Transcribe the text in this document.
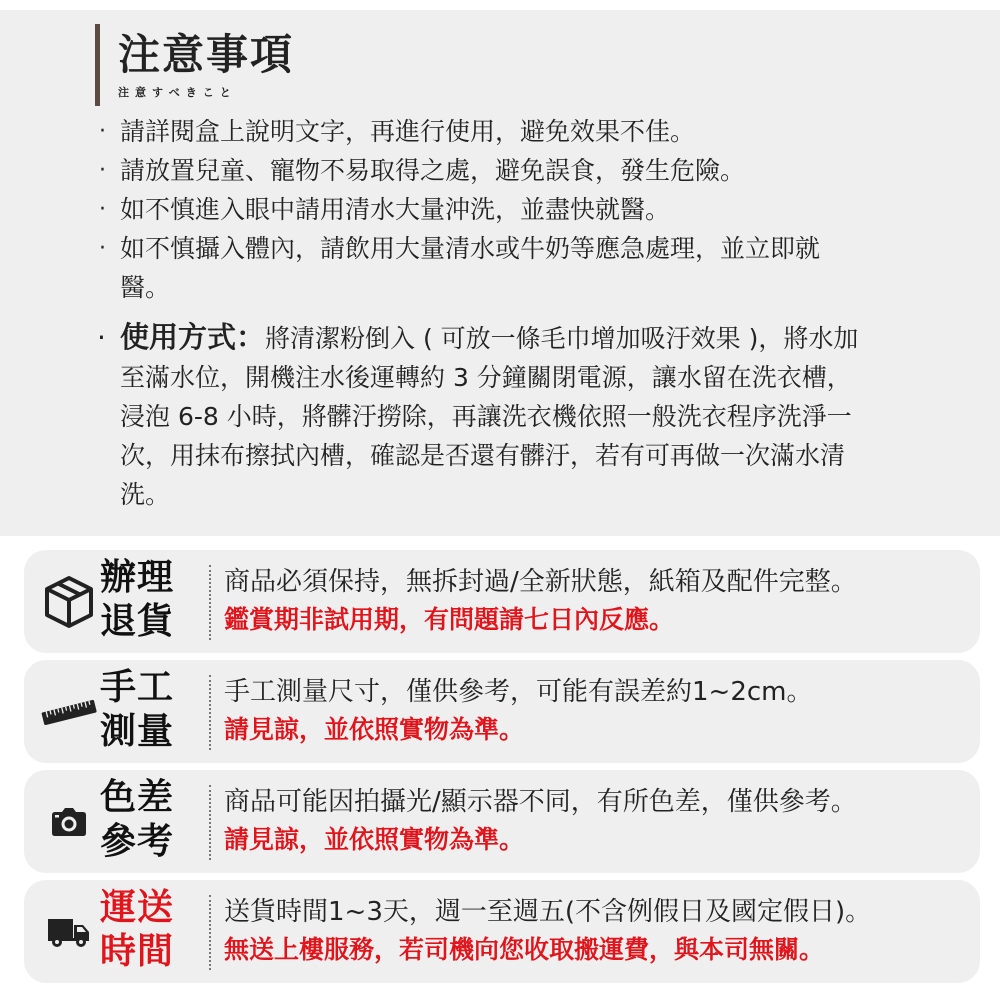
注意事項
注意すべきこと
· 請詳閱盒上說明文字，再進行使用，避免效果不佳。
· 請放置兒童、寵物不易取得之處，避免誤食，發生危險。
· 如不慎進入眼中請用清水大量沖洗，並盡快就醫。
· 如不慎攝入體內，請飲用大量清水或牛奶等應急處理，並立即就醫。
· 使用方式：將清潔粉倒入 ( 可放一條毛巾增加吸汙效果 )，將水加至滿水位，開機注水後運轉約 3 分鐘關閉電源，讓水留在洗衣槽，浸泡 6-8 小時，將髒汙撈除，再讓洗衣機依照一般洗衣程序洗淨一次，用抹布擦拭內槽，確認是否還有髒汙，若有可再做一次滿水清洗。
辦理
退貨
商品必須保持，無拆封過/全新狀態，紙箱及配件完整。
鑑賞期非試用期，有問題請七日內反應。
手工
測量
手工測量尺寸，僅供參考，可能有誤差約1~2cm。
請見諒，並依照實物為準。
色差
參考
商品可能因拍攝光/顯示器不同，有所色差，僅供參考。
請見諒，並依照實物為準。
運送
時間
送貨時間1~3天，週一至週五(不含例假日及國定假日)。
無送上樓服務，若司機向您收取搬運費，與本司無關。
